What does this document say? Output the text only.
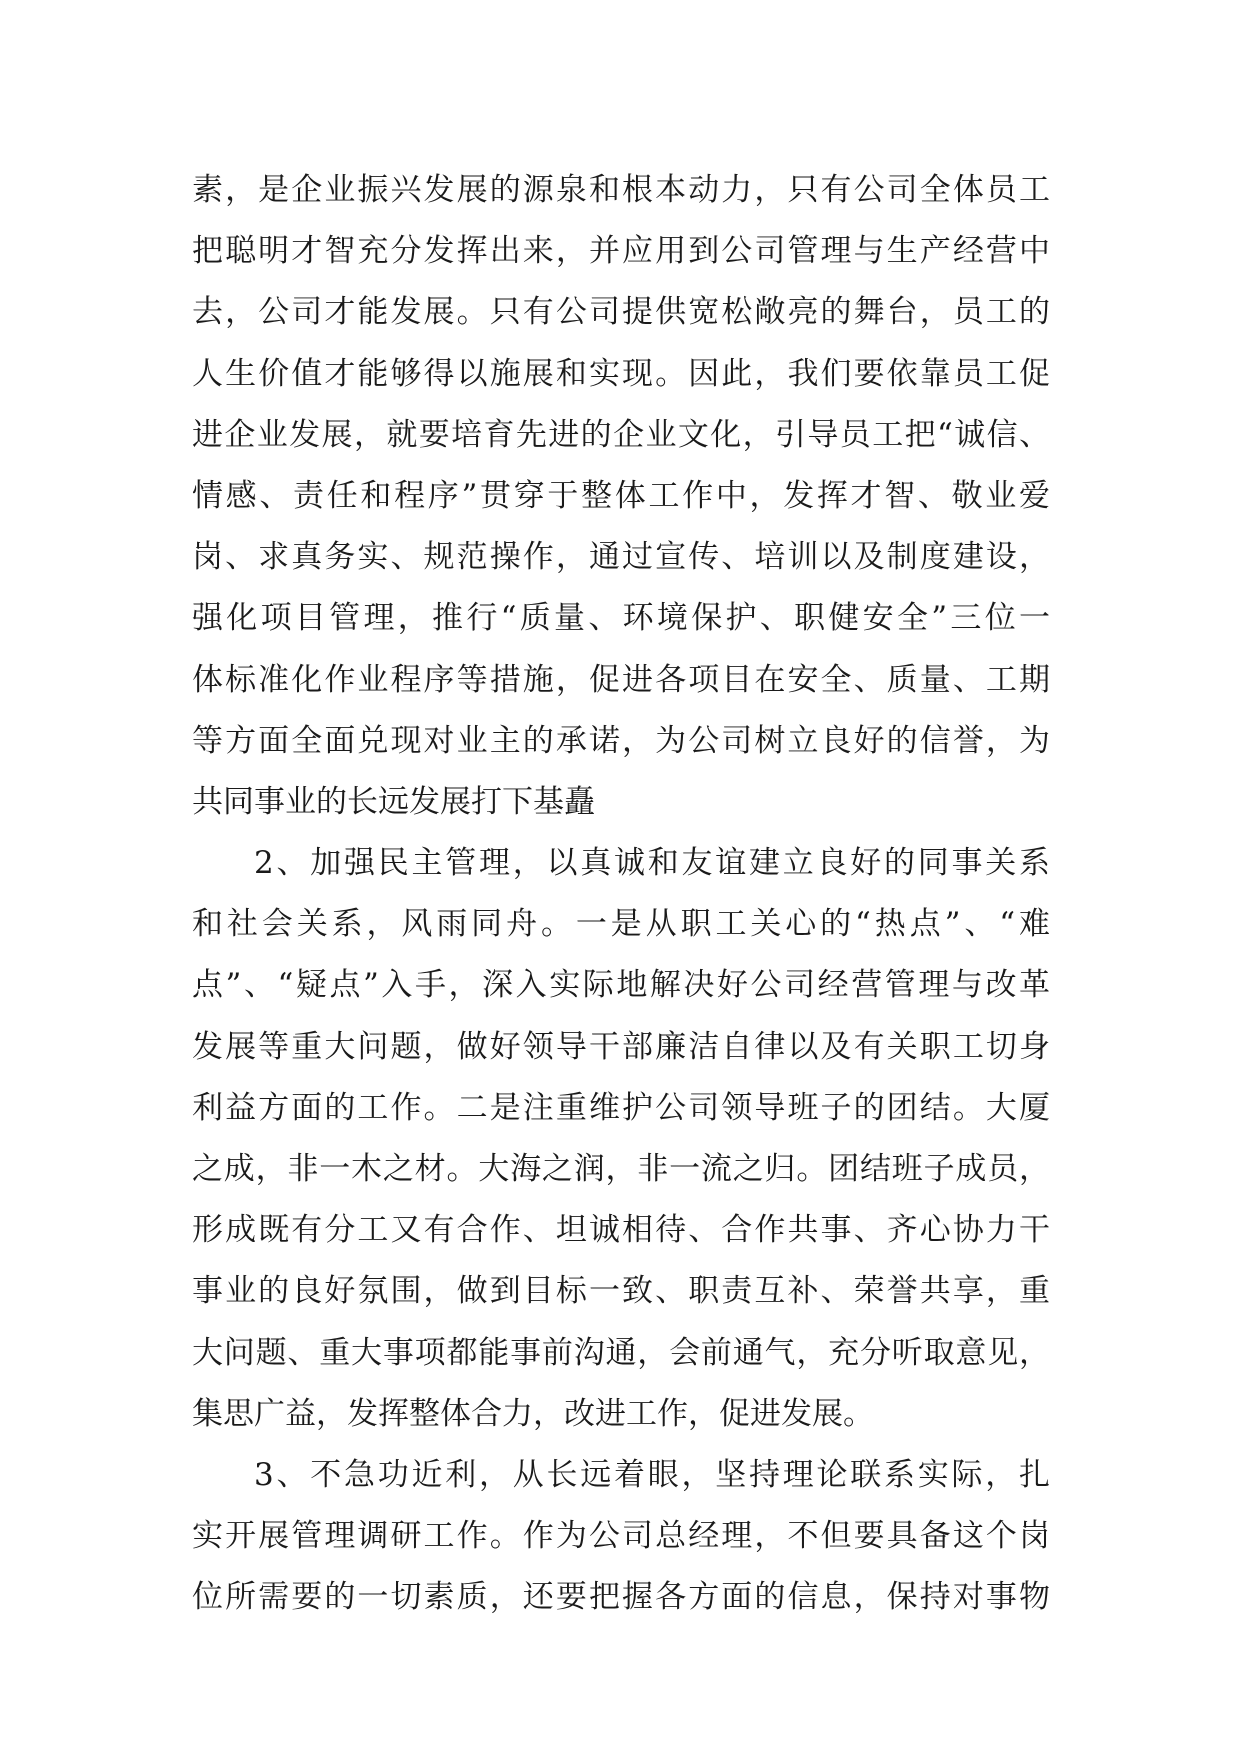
素，是企业振兴发展的源泉和根本动力，只有公司全体员工
把聪明才智充分发挥出来，并应用到公司管理与生产经营中
去，公司才能发展。只有公司提供宽松敞亮的舞台，员工的
人生价值才能够得以施展和实现。因此，我们要依靠员工促
进企业发展，就要培育先进的企业文化，引导员工把“诚信、
情感、责任和程序”贯穿于整体工作中，发挥才智、敬业爱
岗、求真务实、规范操作，通过宣传、培训以及制度建设，
强化项目管理，推行“质量、环境保护、职健安全”三位一
体标准化作业程序等措施，促进各项目在安全、质量、工期
等方面全面兑现对业主的承诺，为公司树立良好的信誉，为
共同事业的长远发展打下基矗
2、加强民主管理，以真诚和友谊建立良好的同事关系
和社会关系，风雨同舟。一是从职工关心的“热点”、“难
点”、“疑点”入手，深入实际地解决好公司经营管理与改革
发展等重大问题，做好领导干部廉洁自律以及有关职工切身
利益方面的工作。二是注重维护公司领导班子的团结。大厦
之成，非一木之材。大海之润，非一流之归。团结班子成员，
形成既有分工又有合作、坦诚相待、合作共事、齐心协力干
事业的良好氛围，做到目标一致、职责互补、荣誉共享，重
大问题、重大事项都能事前沟通，会前通气，充分听取意见，
集思广益，发挥整体合力，改进工作，促进发展。
3、不急功近利，从长远着眼，坚持理论联系实际，扎
实开展管理调研工作。作为公司总经理，不但要具备这个岗
位所需要的一切素质，还要把握各方面的信息，保持对事物
